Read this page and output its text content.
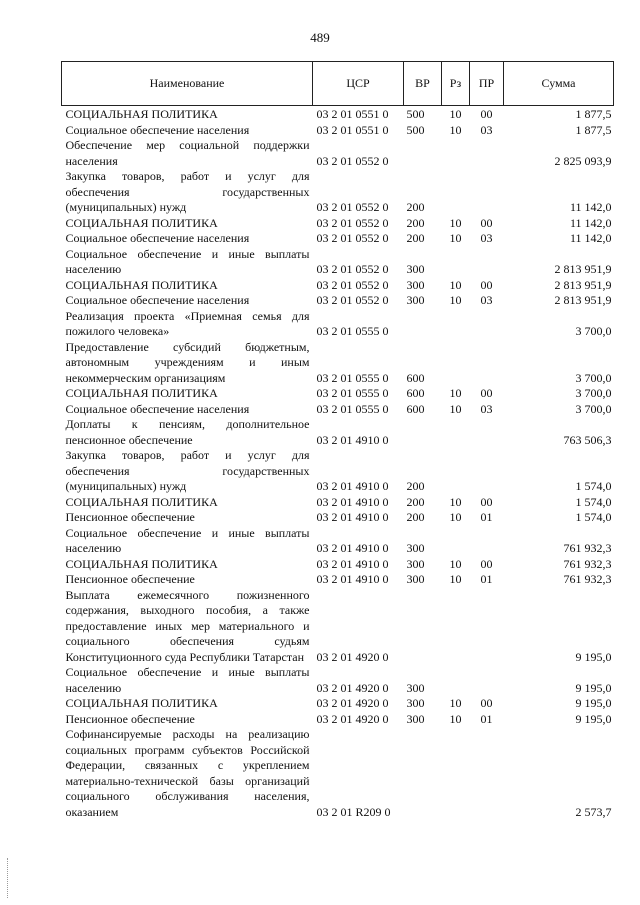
489
Наименование	ЦСР	ВР	Рз	ПР	Сумма
СОЦИАЛЬНАЯ ПОЛИТИКА	03 2 01 0551 0	500	10	00	1 877,5
Социальное обеспечение населения	03 2 01 0551 0	500	10	03	1 877,5
Обеспечение мер социальной поддержки населения	03 2 01 0552 0				2 825 093,9
Закупка товаров, работ и услуг для обеспечения государственных (муниципальных) нужд	03 2 01 0552 0	200			11 142,0
СОЦИАЛЬНАЯ ПОЛИТИКА	03 2 01 0552 0	200	10	00	11 142,0
Социальное обеспечение населения	03 2 01 0552 0	200	10	03	11 142,0
Социальное обеспечение и иные выплаты населению	03 2 01 0552 0	300			2 813 951,9
СОЦИАЛЬНАЯ ПОЛИТИКА	03 2 01 0552 0	300	10	00	2 813 951,9
Социальное обеспечение населения	03 2 01 0552 0	300	10	03	2 813 951,9
Реализация проекта «Приемная семья для пожилого человека»	03 2 01 0555 0				3 700,0
Предоставление субсидий бюджетным, автономным учреждениям и иным некоммерческим организациям	03 2 01 0555 0	600			3 700,0
СОЦИАЛЬНАЯ ПОЛИТИКА	03 2 01 0555 0	600	10	00	3 700,0
Социальное обеспечение населения	03 2 01 0555 0	600	10	03	3 700,0
Доплаты к пенсиям, дополнительное пенсионное обеспечение	03 2 01 4910 0				763 506,3
Закупка товаров, работ и услуг для обеспечения государственных (муниципальных) нужд	03 2 01 4910 0	200			1 574,0
СОЦИАЛЬНАЯ ПОЛИТИКА	03 2 01 4910 0	200	10	00	1 574,0
Пенсионное обеспечение	03 2 01 4910 0	200	10	01	1 574,0
Социальное обеспечение и иные выплаты населению	03 2 01 4910 0	300			761 932,3
СОЦИАЛЬНАЯ ПОЛИТИКА	03 2 01 4910 0	300	10	00	761 932,3
Пенсионное обеспечение	03 2 01 4910 0	300	10	01	761 932,3
Выплата ежемесячного пожизненного содержания, выходного пособия, а также предоставление иных мер материального и социального обеспечения судьям Конституционного суда Республики Татарстан	03 2 01 4920 0				9 195,0
Социальное обеспечение и иные выплаты населению	03 2 01 4920 0	300			9 195,0
СОЦИАЛЬНАЯ ПОЛИТИКА	03 2 01 4920 0	300	10	00	9 195,0
Пенсионное обеспечение	03 2 01 4920 0	300	10	01	9 195,0
Софинансируемые расходы на реализацию социальных программ субъектов Российской Федерации, связанных с укреплением материально-технической базы организаций социального обслуживания населения, оказанием	03 2 01 R209 0				2 573,7
